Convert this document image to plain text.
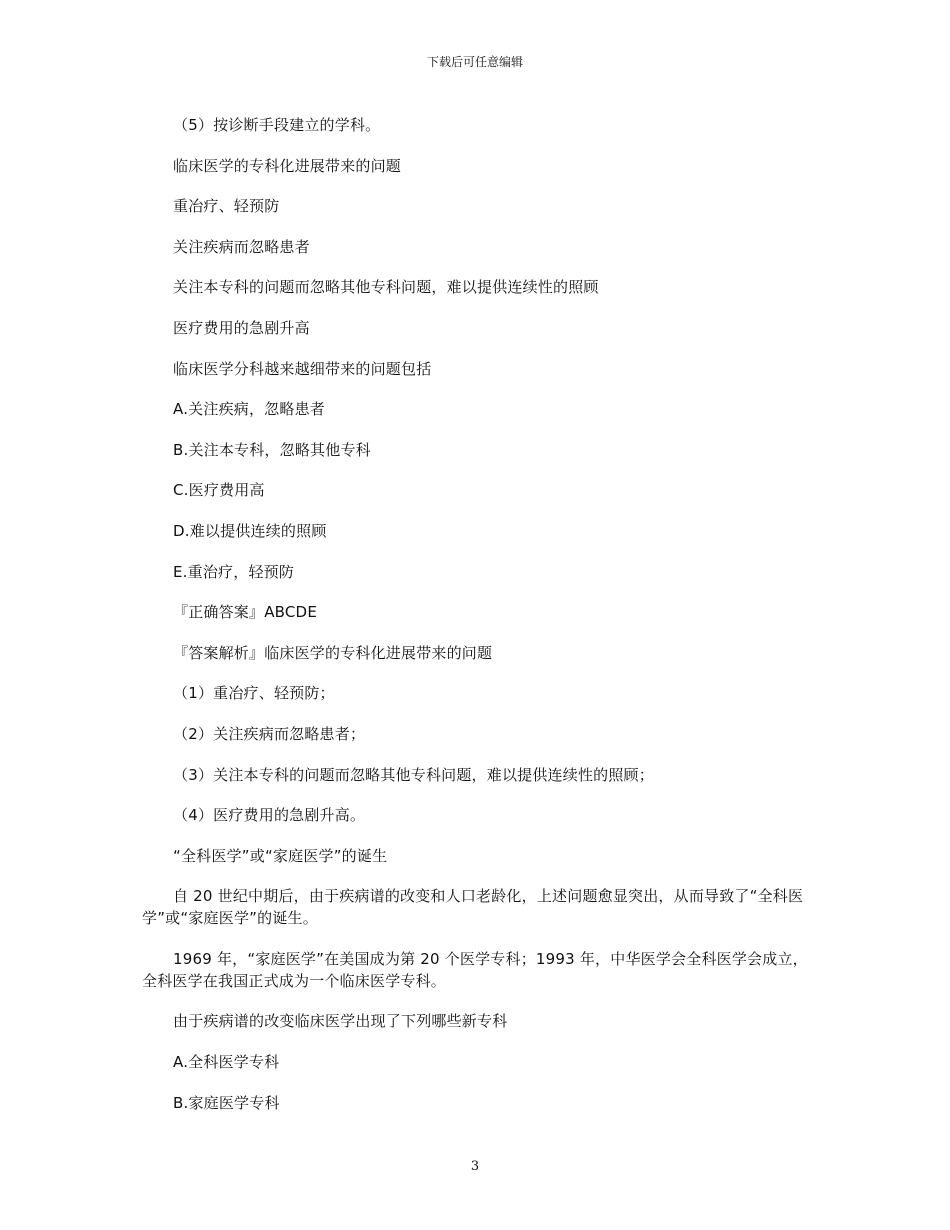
下载后可任意编辑

（5）按诊断手段建立的学科。

临床医学的专科化进展带来的问题

重冶疗、轻预防

关注疾病而忽略患者

关注本专科的问题而忽略其他专科问题，难以提供连续性的照顾

医疗费用的急剧升高

临床医学分科越来越细带来的问题包括

A.关注疾病，忽略患者

B.关注本专科，忽略其他专科

C.医疗费用高

D.难以提供连续的照顾

E.重治疗，轻预防

『正确答案』ABCDE

『答案解析』临床医学的专科化进展带来的问题

（1）重冶疗、轻预防；

（2）关注疾病而忽略患者；

（3）关注本专科的问题而忽略其他专科问题，难以提供连续性的照顾；

（4）医疗费用的急剧升高。

“全科医学”或“家庭医学”的诞生

自 20 世纪中期后，由于疾病谱的改变和人口老龄化，上述问题愈显突出，从而导致了“全科医学”或“家庭医学”的诞生。

1969 年，“家庭医学”在美国成为第 20 个医学专科；1993 年，中华医学会全科医学会成立，全科医学在我国正式成为一个临床医学专科。

由于疾病谱的改变临床医学出现了下列哪些新专科

A.全科医学专科

B.家庭医学专科

3
